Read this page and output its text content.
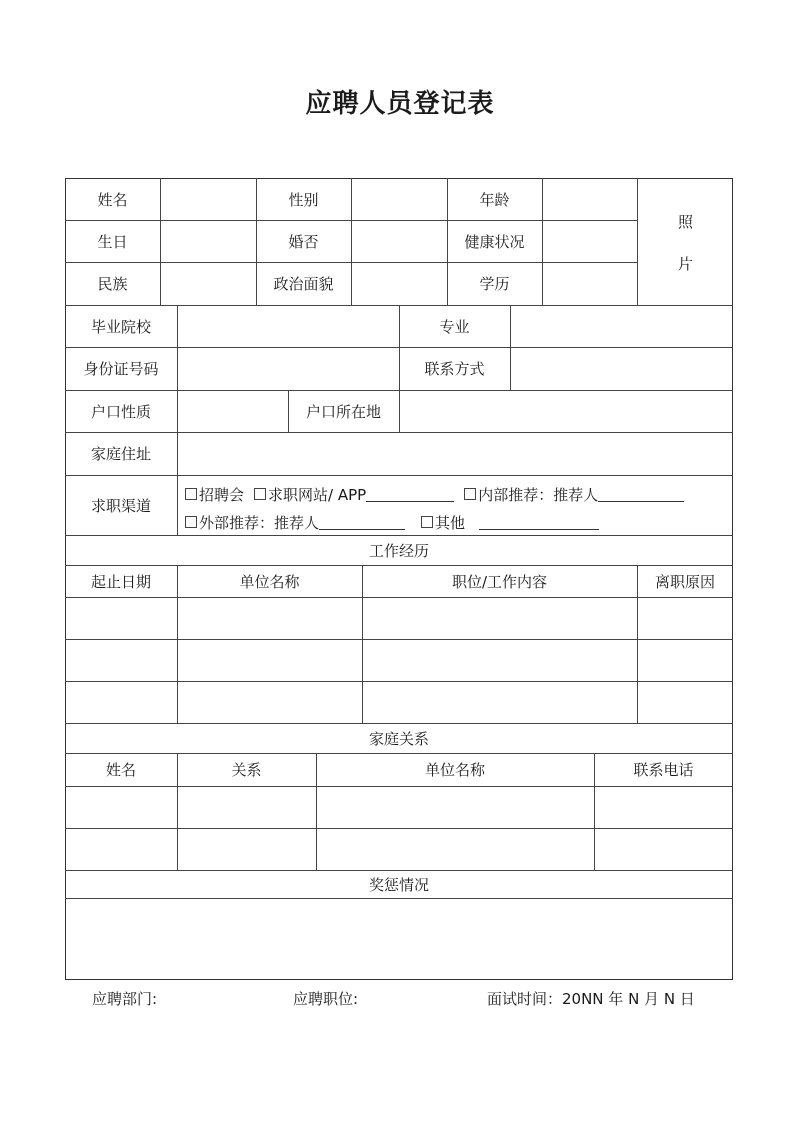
应聘人员登记表
姓名	性别	年龄
生日	婚否	健康状况
民族	政治面貌	学历
照
片
毕业院校	专业
身份证号码	联系方式
户口性质	户口所在地
家庭住址
求职渠道
招聘会 求职网站/ APP	内部推荐：推荐人
外部推荐：推荐人	其他
工作经历
起止日期	单位名称	职位/工作内容	离职原因
家庭关系
姓名	关系	单位名称	联系电话
奖惩情况
应聘部门:	应聘职位:	面试时间：20NN 年 N 月 N 日
